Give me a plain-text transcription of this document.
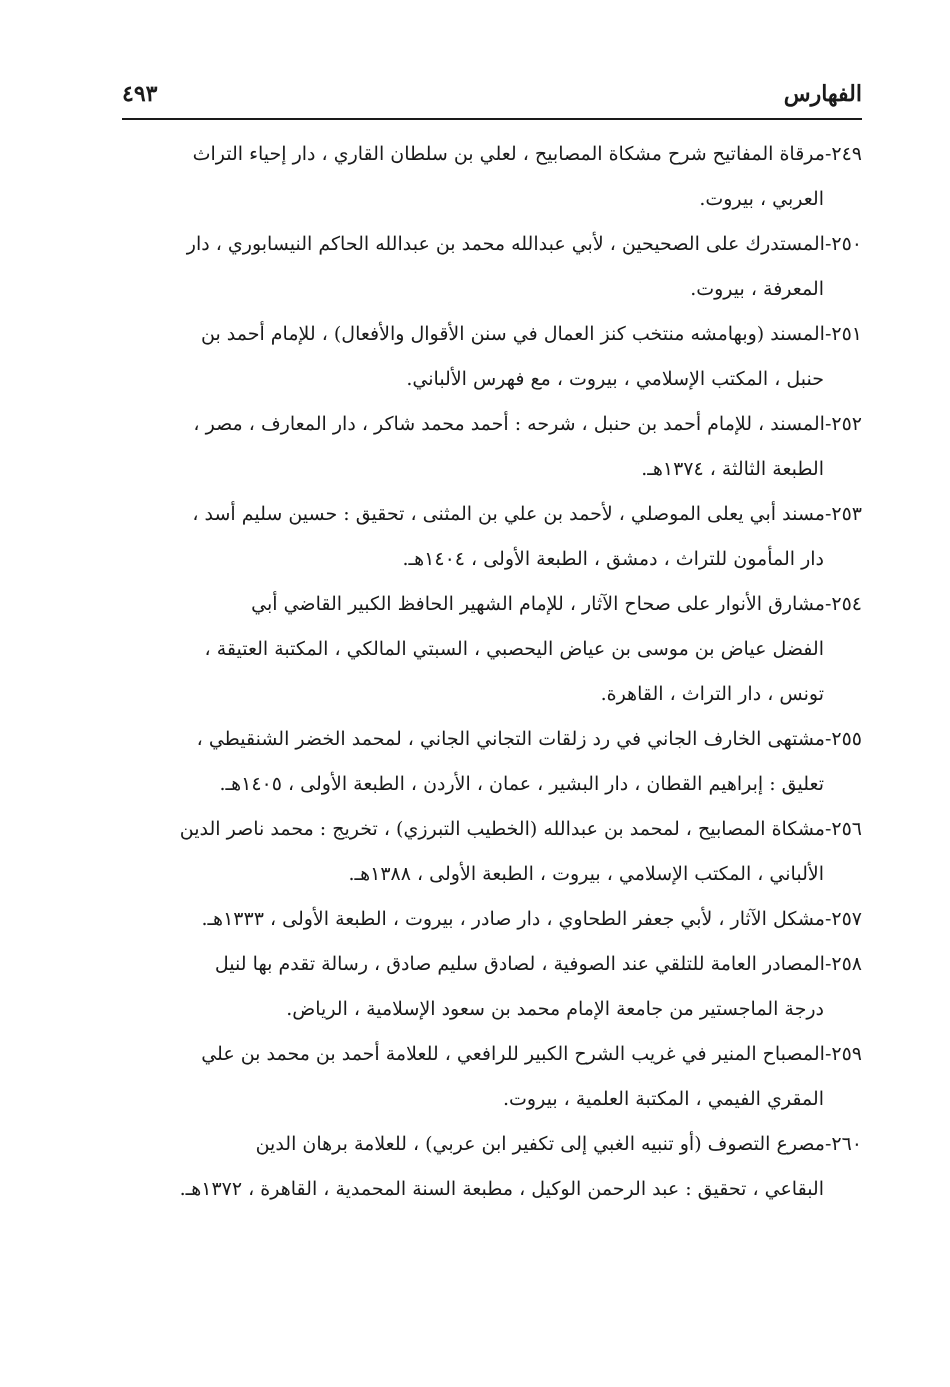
الفهارس
٤٩٣

٢٤٩-مرقاة المفاتيح شرح مشكاة المصابيح ، لعلي بن سلطان القاري ، دار إحياء التراث
العربي ، بيروت.

٢٥٠-المستدرك على الصحيحين ، لأبي عبدالله محمد بن عبدالله الحاكم النيسابوري ، دار
المعرفة ، بيروت.

٢٥١-المسند (وبهامشه منتخب كنز العمال في سنن الأقوال والأفعال) ، للإمام أحمد بن
حنبل ، المكتب الإسلامي ، بيروت ، مع فهرس الألباني.

٢٥٢-المسند ، للإمام أحمد بن حنبل ، شرحه : أحمد محمد شاكر ، دار المعارف ، مصر ،
الطبعة الثالثة ، ١٣٧٤هـ.

٢٥٣-مسند أبي يعلى الموصلي ، لأحمد بن علي بن المثنى ، تحقيق : حسين سليم أسد ،
دار المأمون للتراث ، دمشق ، الطبعة الأولى ، ١٤٠٤هـ.

٢٥٤-مشارق الأنوار على صحاح الآثار ، للإمام الشهير الحافظ الكبير القاضي أبي
الفضل عياض بن موسى بن عياض اليحصبي ، السبتي المالكي ، المكتبة العتيقة ،
تونس ، دار التراث ، القاهرة.

٢٥٥-مشتهى الخارف الجاني في رد زلقات التجاني الجاني ، لمحمد الخضر الشنقيطي ،
تعليق : إبراهيم القطان ، دار البشير ، عمان ، الأردن ، الطبعة الأولى ، ١٤٠٥هـ.

٢٥٦-مشكاة المصابيح ، لمحمد بن عبدالله (الخطيب التبرزي) ، تخريج : محمد ناصر الدين
الألباني ، المكتب الإسلامي ، بيروت ، الطبعة الأولى ، ١٣٨٨هـ.

٢٥٧-مشكل الآثار ، لأبي جعفر الطحاوي ، دار صادر ، بيروت ، الطبعة الأولى ، ١٣٣٣هـ.

٢٥٨-المصادر العامة للتلقي عند الصوفية ، لصادق سليم صادق ، رسالة تقدم بها لنيل
درجة الماجستير من جامعة الإمام محمد بن سعود الإسلامية ، الرياض.

٢٥٩-المصباح المنير في غريب الشرح الكبير للرافعي ، للعلامة أحمد بن محمد بن علي
المقري الفيمي ، المكتبة العلمية ، بيروت.

٢٦٠-مصرع التصوف (أو تنبيه الغبي إلى تكفير ابن عربي) ، للعلامة برهان الدين
البقاعي ، تحقيق : عبد الرحمن الوكيل ، مطبعة السنة المحمدية ، القاهرة ، ١٣٧٢هـ.
